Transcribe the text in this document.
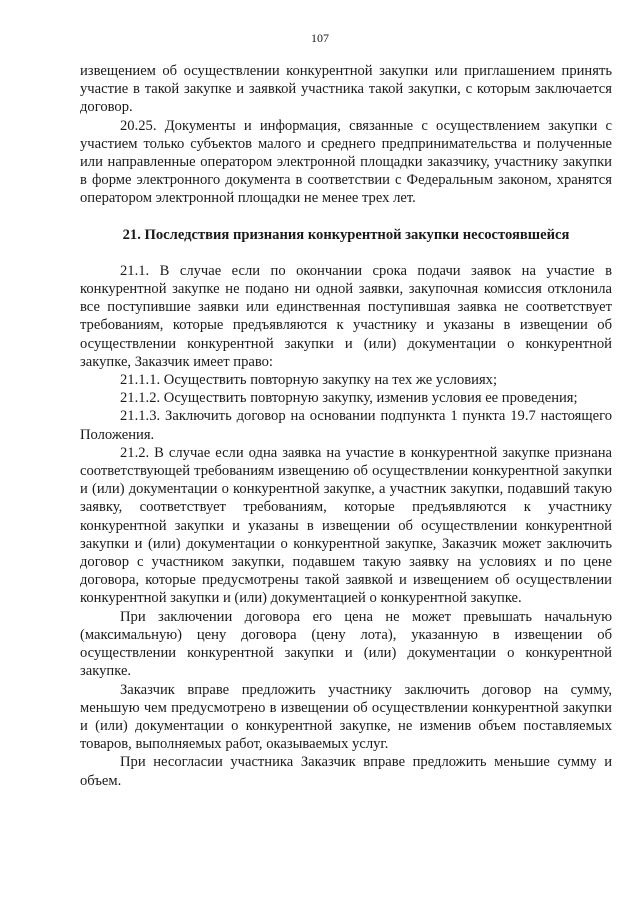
107

извещением об осуществлении конкурентной закупки или приглашением принять участие в такой закупке и заявкой участника такой закупки, с которым заключается договор.

20.25. Документы и информация, связанные с осуществлением закупки с участием только субъектов малого и среднего предпринимательства и полученные или направленные оператором электронной площадки заказчику, участнику закупки в форме электронного документа в соответствии с Федеральным законом, хранятся оператором электронной площадки не менее трех лет.

21. Последствия признания конкурентной закупки несостоявшейся

21.1. В случае если по окончании срока подачи заявок на участие в конкурентной закупке не подано ни одной заявки, закупочная комиссия отклонила все поступившие заявки или единственная поступившая заявка не соответствует требованиям, которые предъявляются к участнику и указаны в извещении об осуществлении конкурентной закупки и (или) документации о конкурентной закупке, Заказчик имеет право:

21.1.1. Осуществить повторную закупку на тех же условиях;

21.1.2. Осуществить повторную закупку, изменив условия ее проведения;

21.1.3. Заключить договор на основании подпункта 1 пункта 19.7 настоящего Положения.

21.2. В случае если одна заявка на участие в конкурентной закупке признана соответствующей требованиям извещению об осуществлении конкурентной закупки и (или) документации о конкурентной закупке, а участник закупки, подавший такую заявку, соответствует требованиям, которые предъявляются к участнику конкурентной закупки и указаны в извещении об осуществлении конкурентной закупки и (или) документации о конкурентной закупке, Заказчик может заключить договор с участником закупки, подавшем такую заявку на условиях и по цене договора, которые предусмотрены такой заявкой и извещением об осуществлении конкурентной закупки и (или) документацией о конкурентной закупке.

При заключении договора его цена не может превышать начальную (максимальную) цену договора (цену лота), указанную в извещении об осуществлении конкурентной закупки и (или) документации о конкурентной закупке.

Заказчик вправе предложить участнику заключить договор на сумму, меньшую чем предусмотрено в извещении об осуществлении конкурентной закупки и (или) документации о конкурентной закупке, не изменив объем поставляемых товаров, выполняемых работ, оказываемых услуг.

При несогласии участника Заказчик вправе предложить меньшие сумму и объем.
